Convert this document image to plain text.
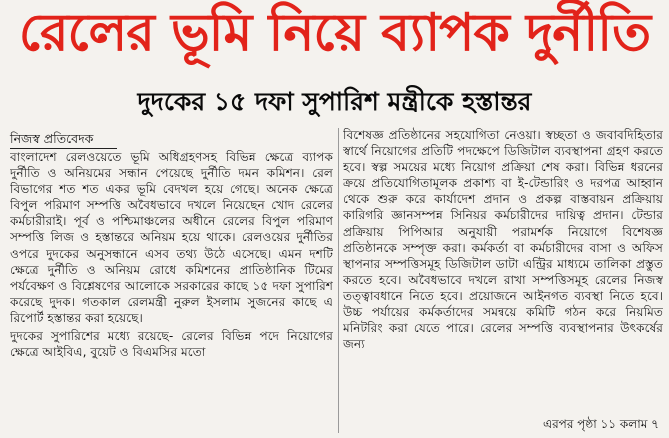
রেলের ভূমি নিয়ে ব্যাপক দুর্নীতি
দুদকের ১৫ দফা সুপারিশ মন্ত্রীকে হস্তান্তর
নিজস্ব প্রতিবেদক

বাংলাদেশ রেলওয়েতে ভূমি অধিগ্রহণসহ বিভিন্ন ক্ষেত্রে ব্যাপক দুর্নীতি ও অনিয়মের সন্ধান পেয়েছে দুর্নীতি দমন কমিশন। রেল বিভাগের শত শত একর ভূমি বেদখল হয়ে গেছে। অনেক ক্ষেত্রে বিপুল পরিমাণ সম্পত্তি অবৈধভাবে দখলে নিয়েছেন খোদ রেলের কর্মচারীরাই। পূর্ব ও পশ্চিমাঞ্চলের অধীনে রেলের বিপুল পরিমাণ সম্পত্তি লিজ ও হস্তান্তরে অনিয়ম হয়ে থাকে। রেলওয়ের দুর্নীতির ওপরে দুদকের অনুসন্ধানে এসব তথ্য উঠে এসেছে। এমন দশটি ক্ষেত্রে দুর্নীতি ও অনিয়ম রোধে কমিশনের প্রাতিষ্ঠানিক টিমের পর্যবেক্ষণ ও বিশ্লেষণের আলোকে সরকারের কাছে ১৫ দফা সুপারিশ করেছে দুদক। গতকাল রেলমন্ত্রী নুরুল ইসলাম সুজনের কাছে এ রিপোর্ট হস্তান্তর করা হয়েছে।

দুদকের সুপারিশের মধ্যে রয়েছে- রেলের বিভিন্ন পদে নিয়োগের ক্ষেত্রে আইবিএ, বুয়েট ও বিএমসির মতো

বিশেষজ্ঞ প্রতিষ্ঠানের সহযোগিতা নেওয়া। স্বচ্ছতা ও জবাবদিহিতার স্বার্থে নিয়োগের প্রতিটি পদক্ষেপে ডিজিটাল ব্যবস্থাপনা গ্রহণ করতে হবে। স্বল্প সময়ের মধ্যে নিয়োগ প্রক্রিয়া শেষ করা। বিভিন্ন ধরনের ক্রয়ে প্রতিযোগিতামূলক প্রকাশ্য বা ই-টেন্ডারিং ও দরপত্র আহ্বান থেকে শুরু করে কার্যাদেশ প্রদান ও প্রকল্প বাস্তবায়ন প্রক্রিয়ায় কারিগরি জ্ঞানসম্পন্ন সিনিয়র কর্মচারীদের দায়িত্ব প্রদান। টেন্ডার প্রক্রিয়ায় পিপিআর অনুযায়ী পরামর্শক নিয়োগে বিশেষজ্ঞ প্রতিষ্ঠানকে সম্পৃক্ত করা। কর্মকর্তা বা কর্মচারীদের বাসা ও অফিস স্থাপনার সম্পত্তিসমূহ ডিজিটাল ডাটা এন্ট্রির মাধ্যমে তালিকা প্রস্তুত করতে হবে। অবৈধভাবে দখলে রাখা সম্পত্তিসমূহ রেলের নিজস্ব তত্ত্বাবধানে নিতে হবে। প্রয়োজনে আইনগত ব্যবস্থা নিতে হবে। উচ্চ পর্যায়ের কর্মকর্তাদের সমন্বয়ে কমিটি গঠন করে নিয়মিত মনিটরিং করা যেতে পারে। রেলের সম্পত্তি ব্যবস্থাপনার উৎকর্ষের জন্য

এরপর পৃষ্ঠা ১১ কলাম ৭
